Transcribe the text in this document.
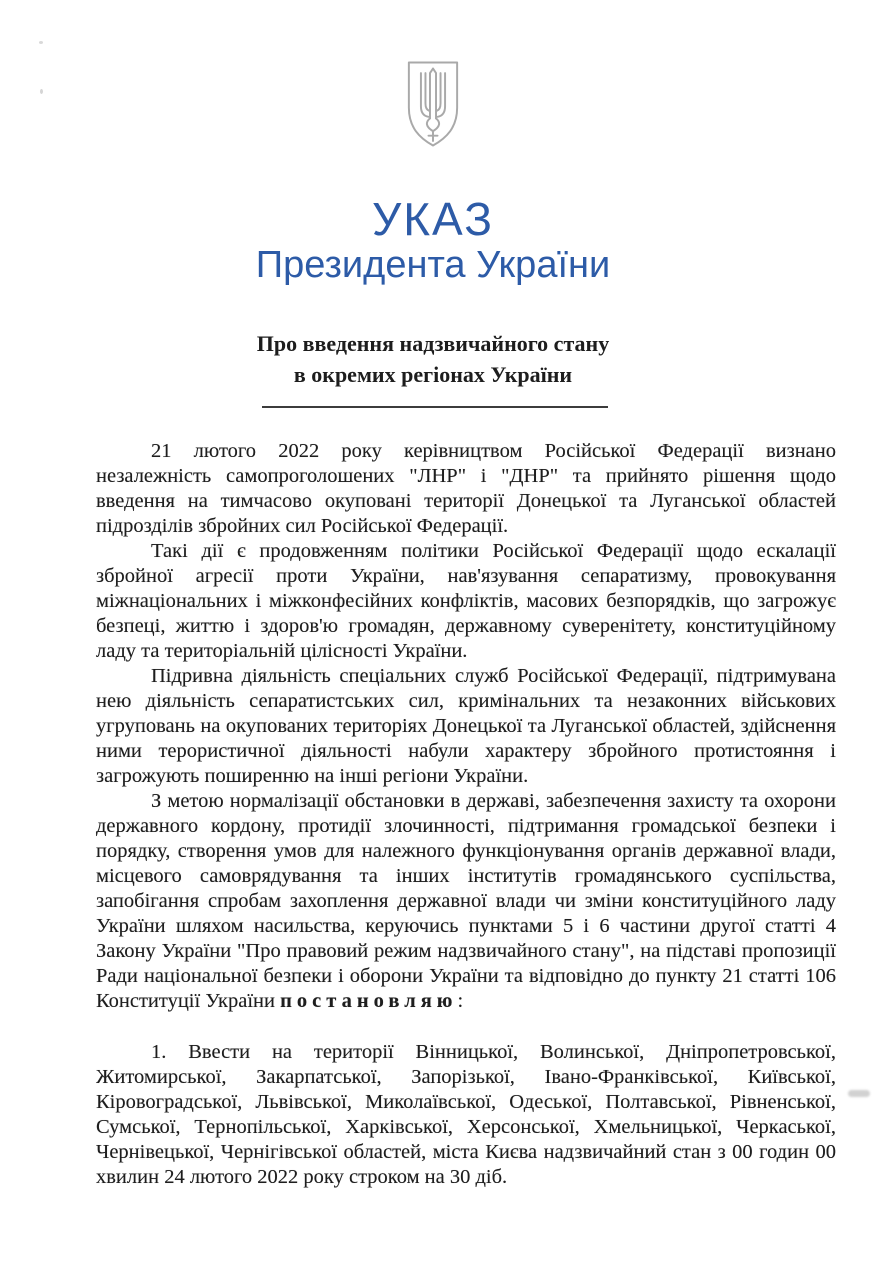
УКАЗ
Президента України
Про введення надзвичайного стану
в окремих регіонах України

21 лютого 2022 року керівництвом Російської Федерації визнано незалежність самопроголошених "ЛНР" і "ДНР" та прийнято рішення щодо введення на тимчасово окуповані території Донецької та Луганської областей підрозділів збройних сил Російської Федерації.

Такі дії є продовженням політики Російської Федерації щодо ескалації збройної агресії проти України, нав'язування сепаратизму, провокування міжнаціональних і міжконфесійних конфліктів, масових безпорядків, що загрожує безпеці, життю і здоров'ю громадян, державному суверенітету, конституційному ладу та територіальній цілісності України.

Підривна діяльність спеціальних служб Російської Федерації, підтримувана нею діяльність сепаратистських сил, кримінальних та незаконних військових угруповань на окупованих територіях Донецької та Луганської областей, здійснення ними терористичної діяльності набули характеру збройного протистояння і загрожують поширенню на інші регіони України.

З метою нормалізації обстановки в державі, забезпечення захисту та охорони державного кордону, протидії злочинності, підтримання громадської безпеки і порядку, створення умов для належного функціонування органів державної влади, місцевого самоврядування та інших інститутів громадянського суспільства, запобігання спробам захоплення державної влади чи зміни конституційного ладу України шляхом насильства, керуючись пунктами 5 і 6 частини другої статті 4 Закону України "Про правовий режим надзвичайного стану", на підставі пропозиції Ради національної безпеки і оборони України та відповідно до пункту 21 статті 106 Конституції України постановляю:

1. Ввести на території Вінницької, Волинської, Дніпропетровської, Житомирської, Закарпатської, Запорізької, Івано-Франківської, Київської, Кіровоградської, Львівської, Миколаївської, Одеської, Полтавської, Рівненської, Сумської, Тернопільської, Харківської, Херсонської, Хмельницької, Черкаської, Чернівецької, Чернігівської областей, міста Києва надзвичайний стан з 00 годин 00 хвилин 24 лютого 2022 року строком на 30 діб.
